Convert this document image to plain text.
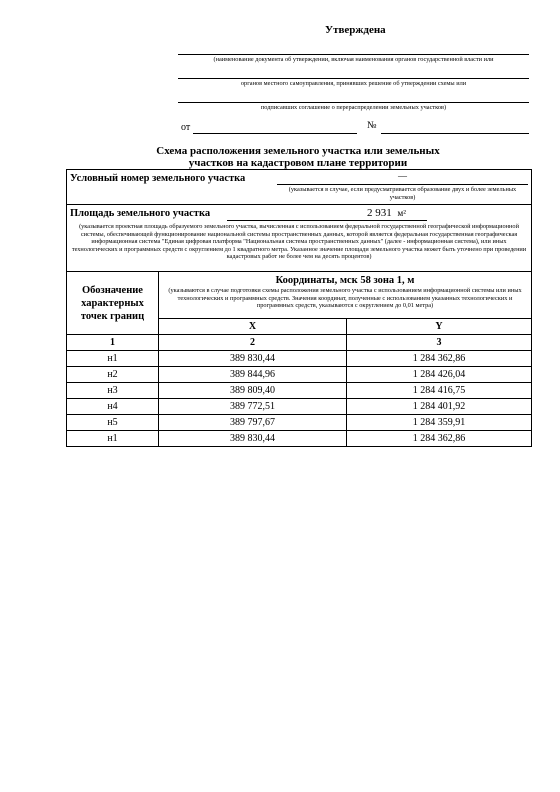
Утверждена
(наименование документа об утверждении, включая наименования органов государственной власти или
органов местного самоуправления, принявших решение об утверждении схемы или
подписавших соглашение о перераспределении земельных участков)
от	№
Схема расположения земельного участка или земельных
участков на кадастровом плане территории
Условный номер земельного участка —
(указывается в случае, если предусматривается образование двух и более земельных участков)		

Площадь земельного участка 2 931 м²
(указывается проектная площадь образуемого земельного участка, вычисленная с использованием федеральной государственной географической информационной системы, обеспечивающей функционирование национальной системы пространственных данных, которой является федеральная государственная географическая информационная система "Единая цифровая платформа "Национальная система пространственных данных" (далее - информационная система), или иных технологических и программных средств с округлением до 1 квадратного метра. Указанное значение площади земельного участка может быть уточнено при проведении кадастровых работ не более чем на десять процентов)		

Обозначение характерных точек границ	Координаты, мск 58 зона 1, м
(указываются в случае подготовки схемы расположения земельного участка с использованием информационной системы или иных технологических и программных средств. Значения координат, полученные с использованием указанных технологических и программных средств, указываются с округлением до 0,01 метра)	

	X	Y
1	2	3
н1	389 830,44	1 284 362,86
н2	389 844,96	1 284 426,04
н3	389 809,40	1 284 416,75
н4	389 772,51	1 284 401,92
н5	389 797,67	1 284 359,91
н1	389 830,44	1 284 362,86
